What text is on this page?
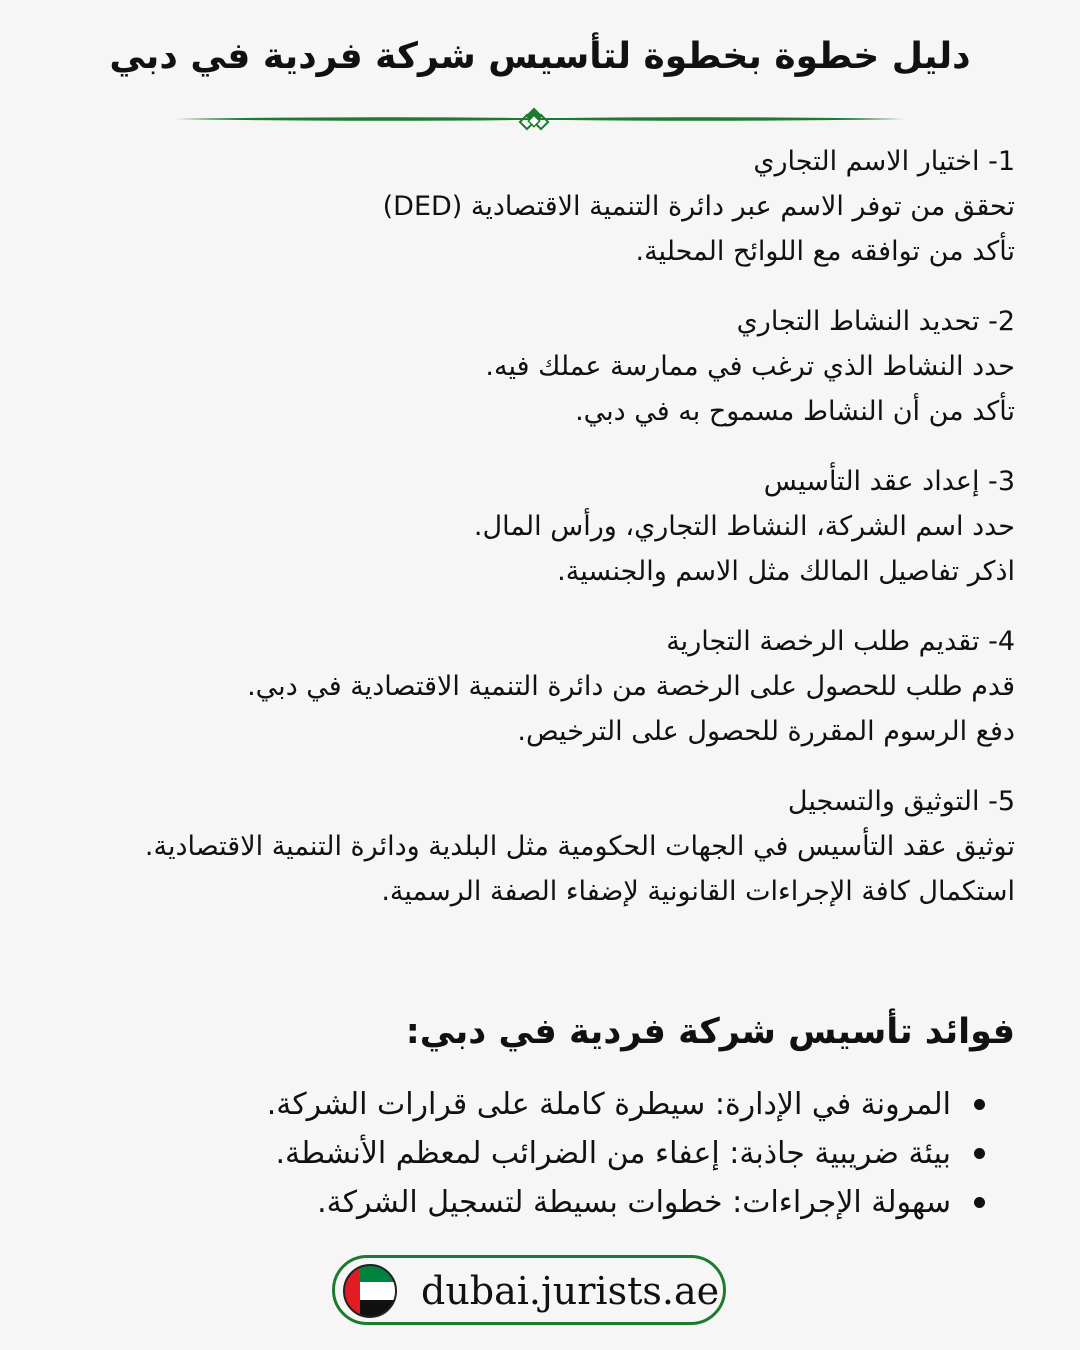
دليل خطوة بخطوة لتأسيس شركة فردية في دبي

1- اختيار الاسم التجاري

تحقق من توفر الاسم عبر دائرة التنمية الاقتصادية (DED)

تأكد من توافقه مع اللوائح المحلية.

2- تحديد النشاط التجاري

حدد النشاط الذي ترغب في ممارسة عملك فيه.

تأكد من أن النشاط مسموح به في دبي.

3- إعداد عقد التأسيس

حدد اسم الشركة، النشاط التجاري، ورأس المال.

اذكر تفاصيل المالك مثل الاسم والجنسية.

4- تقديم طلب الرخصة التجارية

قدم طلب للحصول على الرخصة من دائرة التنمية الاقتصادية في دبي.

دفع الرسوم المقررة للحصول على الترخيص.

5- التوثيق والتسجيل

توثيق عقد التأسيس في الجهات الحكومية مثل البلدية ودائرة التنمية الاقتصادية.

استكمال كافة الإجراءات القانونية لإضفاء الصفة الرسمية.

فوائد تأسيس شركة فردية في دبي:
المرونة في الإدارة: سيطرة كاملة على قرارات الشركة.
بيئة ضريبية جاذبة: إعفاء من الضرائب لمعظم الأنشطة.
سهولة الإجراءات: خطوات بسيطة لتسجيل الشركة.
dubai.jurists.ae
